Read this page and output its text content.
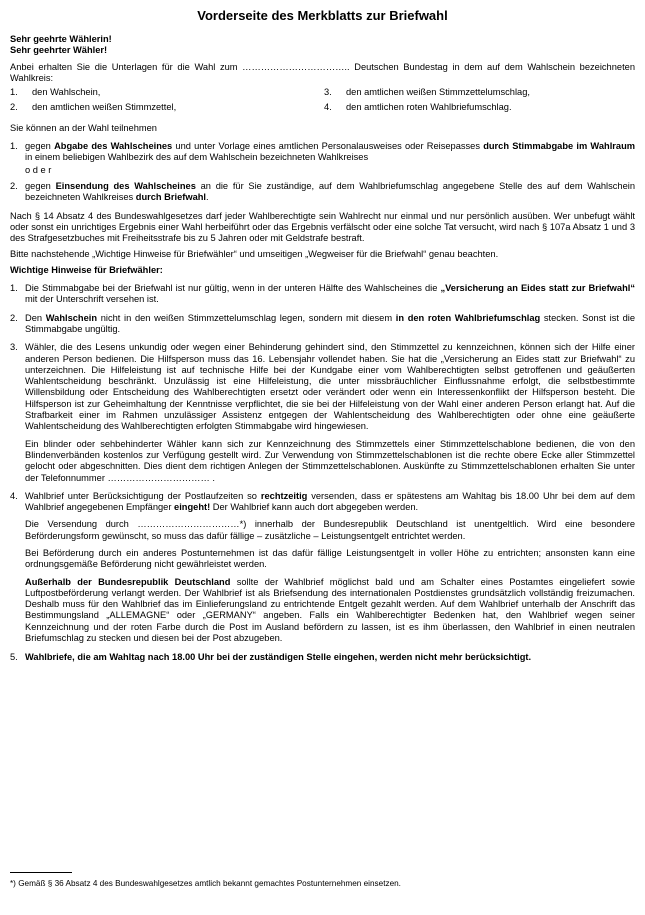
Vorderseite des Merkblatts zur Briefwahl
Sehr geehrte Wählerin!
Sehr geehrter Wähler!

Anbei erhalten Sie die Unterlagen für die Wahl zum …………………………….. Deutschen Bundestag in dem auf dem Wahlschein bezeichneten Wahlkreis:

1.	den Wahlschein,	3.	den amtlichen weißen Stimmzettelumschlag,
2.	den amtlichen weißen Stimmzettel,	4.	den amtlichen roten Wahlbriefumschlag.

Sie können an der Wahl teilnehmen

1. gegen Abgabe des Wahlscheines und unter Vorlage eines amtlichen Personalausweises oder Reisepasses durch Stimmabgabe im Wahlraum in einem beliebigen Wahlbezirk des auf dem Wahlschein bezeichneten Wahlkreises
o d e r
2. gegen Einsendung des Wahlscheines an die für Sie zuständige, auf dem Wahlbriefumschlag angegebene Stelle des auf dem Wahlschein bezeichneten Wahlkreises durch Briefwahl.

Nach § 14 Absatz 4 des Bundeswahlgesetzes darf jeder Wahlberechtigte sein Wahlrecht nur einmal und nur persönlich ausüben. Wer unbefugt wählt oder sonst ein unrichtiges Ergebnis einer Wahl herbeiführt oder das Ergebnis verfälscht oder eine solche Tat versucht, wird nach § 107a Absatz 1 und 3 des Strafgesetzbuches mit Freiheitsstrafe bis zu 5 Jahren oder mit Geldstrafe bestraft.

Bitte nachstehende „Wichtige Hinweise für Briefwähler“ und umseitigen „Wegweiser für die Briefwahl“ genau beachten.

Wichtige Hinweise für Briefwähler:

1. Die Stimmabgabe bei der Briefwahl ist nur gültig, wenn in der unteren Hälfte des Wahlscheines die „Versicherung an Eides statt zur Briefwahl“ mit der Unterschrift versehen ist.
2. Den Wahlschein nicht in den weißen Stimmzettelumschlag legen, sondern mit diesem in den roten Wahlbriefumschlag stecken. Sonst ist die Stimmabgabe ungültig.
3. Wähler, die des Lesens unkundig oder wegen einer Behinderung gehindert sind, den Stimmzettel zu kennzeichnen, können sich der Hilfe einer anderen Person bedienen. Die Hilfsperson muss das 16. Lebensjahr vollendet haben. Sie hat die „Versicherung an Eides statt zur Briefwahl“ zu unterzeichnen. Die Hilfeleistung ist auf technische Hilfe bei der Kundgabe einer vom Wahlberechtigten selbst getroffenen und geäußerten Wahlentscheidung beschränkt. Unzulässig ist eine Hilfeleistung, die unter missbräuchlicher Einflussnahme erfolgt, die selbstbestimmte Willensbildung oder Entscheidung des Wahlberechtigten ersetzt oder verändert oder wenn ein Interessenkonflikt der Hilfsperson besteht. Die Hilfsperson ist zur Geheimhaltung der Kenntnisse verpflichtet, die sie bei der Hilfeleistung von der Wahl einer anderen Person erlangt hat. Auf die Strafbarkeit einer im Rahmen unzulässiger Assistenz entgegen der Wahlentscheidung des Wahlberechtigten oder ohne eine geäußerte Wahlentscheidung des Wahlberechtigten erfolgten Stimmabgabe wird hingewiesen.
Ein blinder oder sehbehinderter Wähler kann sich zur Kennzeichnung des Stimmzettels einer Stimmzettelschablone bedienen, die von den Blindenverbänden kostenlos zur Verfügung gestellt wird. Zur Verwendung von Stimmzettelschablonen ist die rechte obere Ecke aller Stimmzettel gelocht oder abgeschnitten. Dies dient dem richtigen Anlegen der Stimmzettelschablonen. Auskünfte zu Stimmzettelschablonen erhalten Sie unter der Telefonnummer …………………………… .
4. Wahlbrief unter Berücksichtigung der Postlaufzeiten so rechtzeitig versenden, dass er spätestens am Wahltag bis 18.00 Uhr bei dem auf dem Wahlbrief angegebenen Empfänger eingeht! Der Wahlbrief kann auch dort abgegeben werden.
Die Versendung durch ……………………………*) innerhalb der Bundesrepublik Deutschland ist unentgeltlich. Wird eine besondere Beförderungsform gewünscht, so muss das dafür fällige – zusätzliche – Leistungsentgelt entrichtet werden.
Bei Beförderung durch ein anderes Postunternehmen ist das dafür fällige Leistungsentgelt in voller Höhe zu entrichten; ansonsten kann eine ordnungsgemäße Beförderung nicht gewährleistet werden.
Außerhalb der Bundesrepublik Deutschland sollte der Wahlbrief möglichst bald und am Schalter eines Postamtes eingeliefert sowie Luftpostbeförderung verlangt werden. Der Wahlbrief ist als Briefsendung des internationalen Postdienstes grundsätzlich vollständig freizumachen. Deshalb muss für den Wahlbrief das im Einlieferungsland zu entrichtende Entgelt gezahlt werden. Auf dem Wahlbrief unterhalb der Anschrift das Bestimmungsland „ALLEMAGNE“ oder „GERMANY“ angeben. Falls ein Wahlberechtigter Bedenken hat, den Wahlbrief wegen seiner Kennzeichnung und der roten Farbe durch die Post im Ausland befördern zu lassen, ist es ihm überlassen, den Wahlbrief in einen neutralen Briefumschlag zu stecken und diesen bei der Post abzugeben.
5. Wahlbriefe, die am Wahltag nach 18.00 Uhr bei der zuständigen Stelle eingehen, werden nicht mehr berücksichtigt.
*) Gemäß § 36 Absatz 4 des Bundeswahlgesetzes amtlich bekannt gemachtes Postunternehmen einsetzen.
